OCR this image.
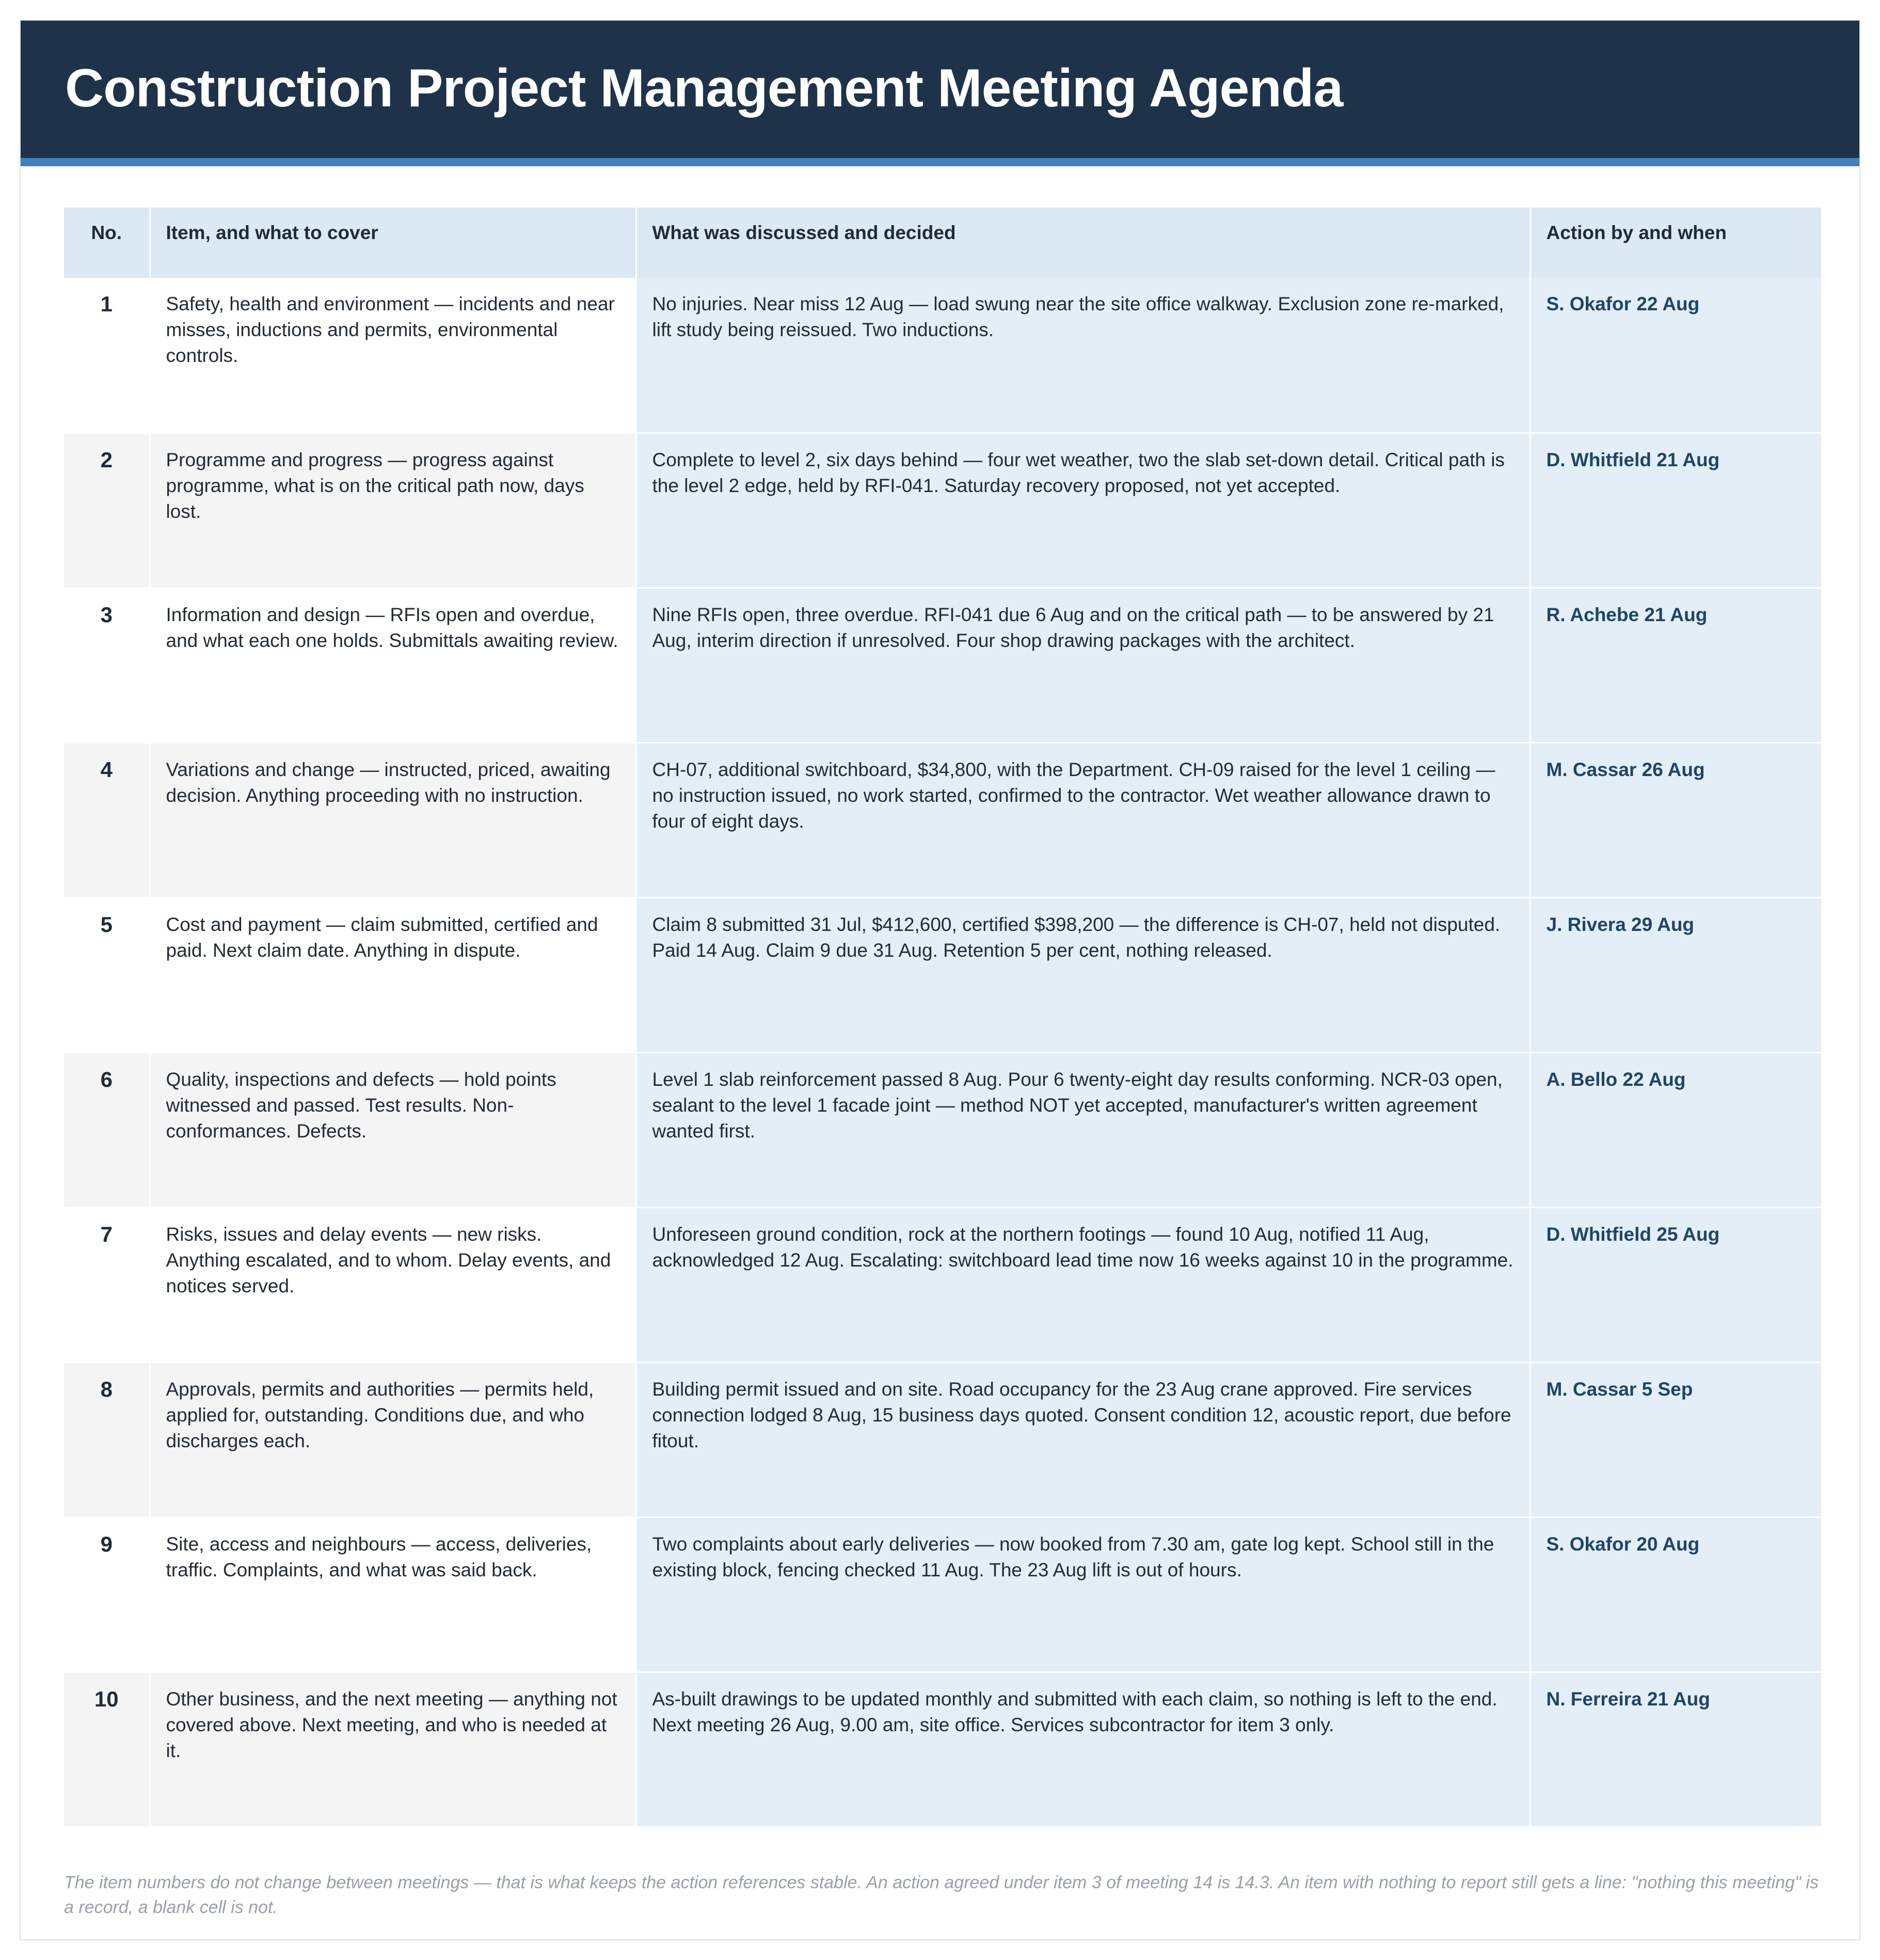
Construction Project Management Meeting Agenda
No.	Item, and what to cover	What was discussed and decided	Action by and when
1	Safety, health and environment — incidents and near misses, inductions and permits, environmental controls.	No injuries. Near miss 12 Aug — load swung near the site office walkway. Exclusion zone re-marked, lift study being reissued. Two inductions.	S. Okafor 22 Aug
2	Programme and progress — progress against programme, what is on the critical path now, days lost.	Complete to level 2, six days behind — four wet weather, two the slab set-down detail. Critical path is the level 2 edge, held by RFI-041. Saturday recovery proposed, not yet accepted.	D. Whitfield 21 Aug
3	Information and design — RFIs open and overdue, and what each one holds. Submittals awaiting review.	Nine RFIs open, three overdue. RFI-041 due 6 Aug and on the critical path — to be answered by 21 Aug, interim direction if unresolved. Four shop drawing packages with the architect.	R. Achebe 21 Aug
4	Variations and change — instructed, priced, awaiting decision. Anything proceeding with no instruction.	CH-07, additional switchboard, $34,800, with the Department. CH-09 raised for the level 1 ceiling — no instruction issued, no work started, confirmed to the contractor. Wet weather allowance drawn to four of eight days.	M. Cassar 26 Aug
5	Cost and payment — claim submitted, certified and paid. Next claim date. Anything in dispute.	Claim 8 submitted 31 Jul, $412,600, certified $398,200 — the difference is CH-07, held not disputed. Paid 14 Aug. Claim 9 due 31 Aug. Retention 5 per cent, nothing released.	J. Rivera 29 Aug
6	Quality, inspections and defects — hold points witnessed and passed. Test results. Non-conformances. Defects.	Level 1 slab reinforcement passed 8 Aug. Pour 6 twenty-eight day results conforming. NCR-03 open, sealant to the level 1 facade joint — method NOT yet accepted, manufacturer's written agreement wanted first.	A. Bello 22 Aug
7	Risks, issues and delay events — new risks. Anything escalated, and to whom. Delay events, and notices served.	Unforeseen ground condition, rock at the northern footings — found 10 Aug, notified 11 Aug, acknowledged 12 Aug. Escalating: switchboard lead time now 16 weeks against 10 in the programme.	D. Whitfield 25 Aug
8	Approvals, permits and authorities — permits held, applied for, outstanding. Conditions due, and who discharges each.	Building permit issued and on site. Road occupancy for the 23 Aug crane approved. Fire services connection lodged 8 Aug, 15 business days quoted. Consent condition 12, acoustic report, due before fitout.	M. Cassar 5 Sep
9	Site, access and neighbours — access, deliveries, traffic. Complaints, and what was said back.	Two complaints about early deliveries — now booked from 7.30 am, gate log kept. School still in the existing block, fencing checked 11 Aug. The 23 Aug lift is out of hours.	S. Okafor 20 Aug
10	Other business, and the next meeting — anything not covered above. Next meeting, and who is needed at it.	As-built drawings to be updated monthly and submitted with each claim, so nothing is left to the end. Next meeting 26 Aug, 9.00 am, site office. Services subcontractor for item 3 only.	N. Ferreira 21 Aug

The item numbers do not change between meetings — that is what keeps the action references stable. An action agreed under item 3 of meeting 14 is 14.3. An item with nothing to report still gets a line: "nothing this meeting" is a record, a blank cell is not.
